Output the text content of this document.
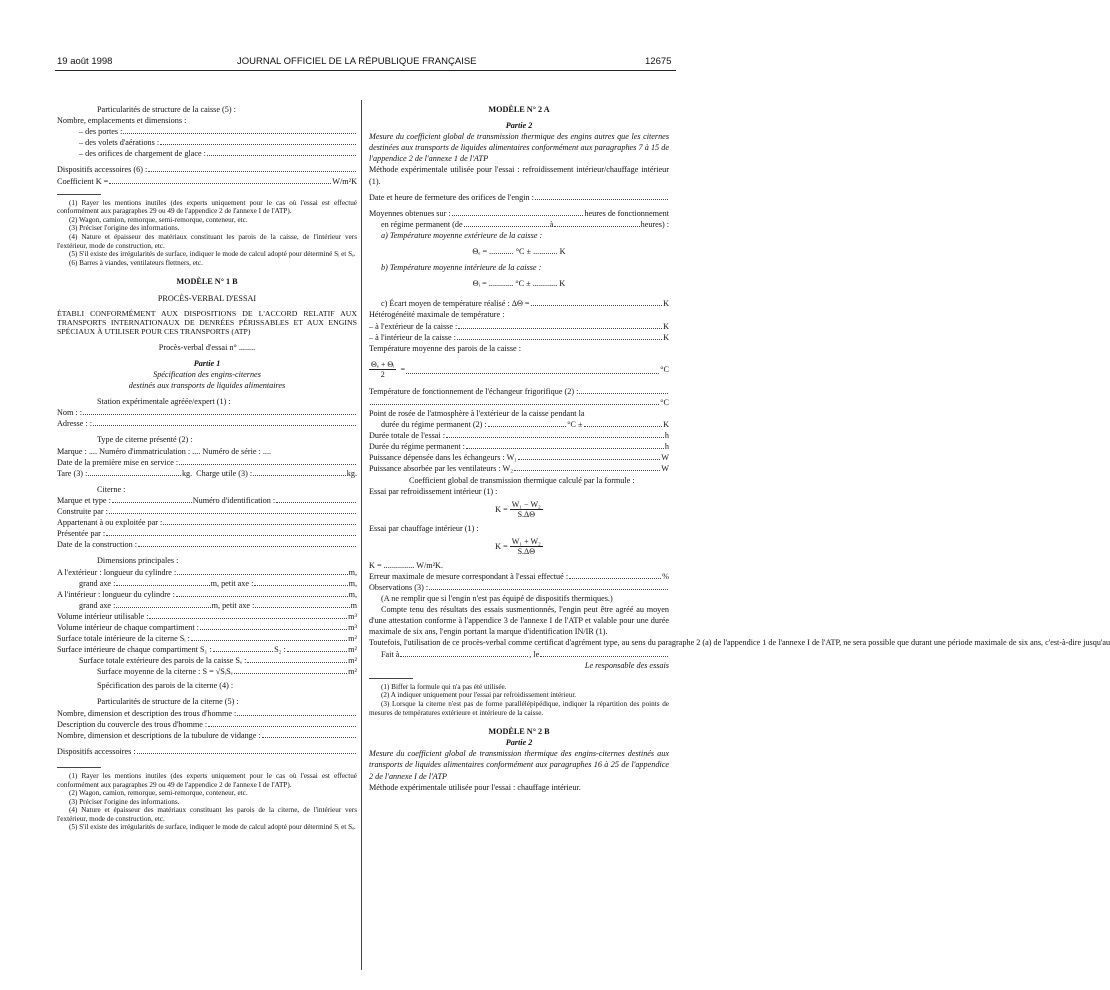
19 août 1998	JOURNAL OFFICIEL DE LA RÉPUBLIQUE FRANÇAISE	12675
Particularités de structure de la caisse (5) :
Nombre, emplacements et dimensions :
– des portes :
– des volets d'aérations :
– des orifices de chargement de glace :
Dispositifs accessoires (6) :
Coefficient K =	W/m²K
(1) Rayer les mentions inutiles (des experts uniquement pour le cas où l'essai est effectué conformément aux paragraphes 29 ou 49 de l'appendice 2 de l'annexe I de l'ATP).
(2) Wagon, camion, remorque, semi-remorque, conteneur, etc.
(3) Préciser l'origine des informations.
(4) Nature et épaisseur des matériaux constituant les parois de la caisse, de l'intérieur vers l'extérieur, mode de construction, etc.
(5) S'il existe des irrégularités de surface, indiquer le mode de calcul adopté pour déterminé Sᵢ et Sₑ.
(6) Barres à viandes, ventilateurs flettners, etc.
MODÈLE N° 1 B
PROCÈS-VERBAL D'ESSAI
ÉTABLI CONFORMÉMENT AUX DISPOSITIONS DE L'ACCORD RELATIF AUX TRANSPORTS INTERNATIONAUX DE DENRÉES PÉRISSABLES ET AUX ENGINS SPÉCIAUX À UTILISER POUR CES TRANSPORTS (ATP)
Procès-verbal d'essai n° ........
Partie 1
Spécification des engins-citernes
destinés aux transports de liquides alimentaires
Station expérimentale agréée/expert (1) :
Nom : :
Adresse : :
Type de citerne présenté (2) :
Marque : .... Numéro d'immatriculation : .... Numéro de série : ....
Date de la première mise en service :
Tare (3) :	kg. Charge utile (3) :	kg.
Citerne :
Marque et type :	Numéro d'identification :
Construite par :
Appartenant à ou exploitée par :
Présentée par :
Date de la construction :
Dimensions principales :
A l'extérieur : longueur du cylindre :	m,
grand axe :	m, petit axe :	m,
A l'intérieur : longueur du cylindre :	m,
grand axe :	m, petit axe :	m
Volume intérieur utilisable :	m³
Volume intérieur de chaque compartiment :	m³
Surface totale intérieure de la citerne Sᵢ :	m²
Surface intérieure de chaque compartiment S₁ :	S₂ :	m²
Surface totale extérieure des parois de la caisse Sₑ :	m²
Surface moyenne de la citerne : S = √SᵢSₑ	m²
Spécification des parois de la citerne (4) :
Particularités de structure de la citerne (5) :
Nombre, dimension et description des trous d'homme :
Description du couvercle des trous d'homme :
Nombre, dimension et descriptions de la tubulure de vidange :
Dispositifs accessoires :
(1) Rayer les mentions inutiles (des experts uniquement pour le cas où l'essai est effectué conformément aux paragraphes 29 ou 49 de l'appendice 2 de l'annexe I de l'ATP).
(2) Wagon, camion, remorque, semi-remorque, conteneur, etc.
(3) Préciser l'origine des informations.
(4) Nature et épaisseur des matériaux constituant les parois de la citerne, de l'intérieur vers l'extérieur, mode de construction, etc.
(5) S'il existe des irrégularités de surface, indiquer le mode de calcul adopté pour déterminé Sᵢ et Sₑ.
MODÈLE N° 2 A
Partie 2
Mesure du coefficient global de transmission thermique des engins autres que les citernes destinées aux transports de liquides alimentaires conformément aux paragraphes 7 à 15 de l'appendice 2 de l'annexe 1 de l'ATP
Méthode expérimentale utilisée pour l'essai : refroidissement intérieur/chauffage intérieur (1).
Date et heure de fermeture des orifices de l'engin :
Moyennes obtenues sur :	heures de fonctionnement
en régime permanent (de	à	heures) :
a) Température moyenne extérieure de la caisse :
Θₑ = ............ °C ± ............ K
b) Température moyenne intérieure de la caisse :
Θᵢ = ............ °C ± ............ K
c) Écart moyen de température réalisé : ΔΘ =	K
Hétérogénéité maximale de température :
– à l'extérieur de la caisse :	K
– à l'intérieur de la caisse :	K
Température moyenne des parois de la caisse :
$\frac{\text{Θₑ + Θᵢ}}{2}$ =	°C
Température de fonctionnement de l'échangeur frigorifique (2) :
°C
Point de rosée de l'atmosphère à l'extérieur de la caisse pendant la
durée du régime permanent (2) :	°C ±	K
Durée totale de l'essai :	h
Durée du régime permanent :	h
Puissance dépensée dans les échangeurs : W₁	W
Puissance absorbée par les ventilateurs : W₂	W
Coefficient global de transmission thermique calculé par la formule :
Essai par refroidissement intérieur (1) :
$K = \frac{\text{W₁ − W₂}}{S.\Delta\Theta}$
Essai par chauffage intérieur (1) :
$K = \frac{\text{W₁ + W₂}}{S.\Delta\Theta}$
K = ............... W/m²K.
Erreur maximale de mesure correspondant à l'essai effectué :	%
Observations (3) :
(A ne remplir que si l'engin n'est pas équipé de dispositifs thermiques.)
Compte tenu des résultats des essais susmentionnés, l'engin peut être agréé au moyen d'une attestation conforme à l'appendice 3 de l'annexe I de l'ATP et valable pour une durée maximale de six ans, l'engin portant la marque d'identification IN/IR (1).
Toutefois, l'utilisation de ce procès-verbal comme certificat d'agrément type, au sens du paragraphe 2 (a) de l'appendice 1 de l'annexe I de l'ATP, ne sera possible que durant une période maximale de six ans, c'est-à-dire jusqu'au
Fait à	, le
Le responsable des essais
(1) Biffer la formule qui n'a pas été utilisée.
(2) A indiquer uniquement pour l'essai par refroidissement intérieur.
(3) Lorsque la citerne n'est pas de forme parallélépipédique, indiquer la répartition des points de mesures de températures extérieure et intérieure de la caisse.
MODÈLE N° 2 B
Partie 2
Mesure du coefficient global de transmission thermique des engins-citernes destinés aux transports de liquides alimentaires conformément aux paragraphes 16 à 25 de l'appendice 2 de l'annexe I de l'ATP
Méthode expérimentale utilisée pour l'essai : chauffage intérieur.
